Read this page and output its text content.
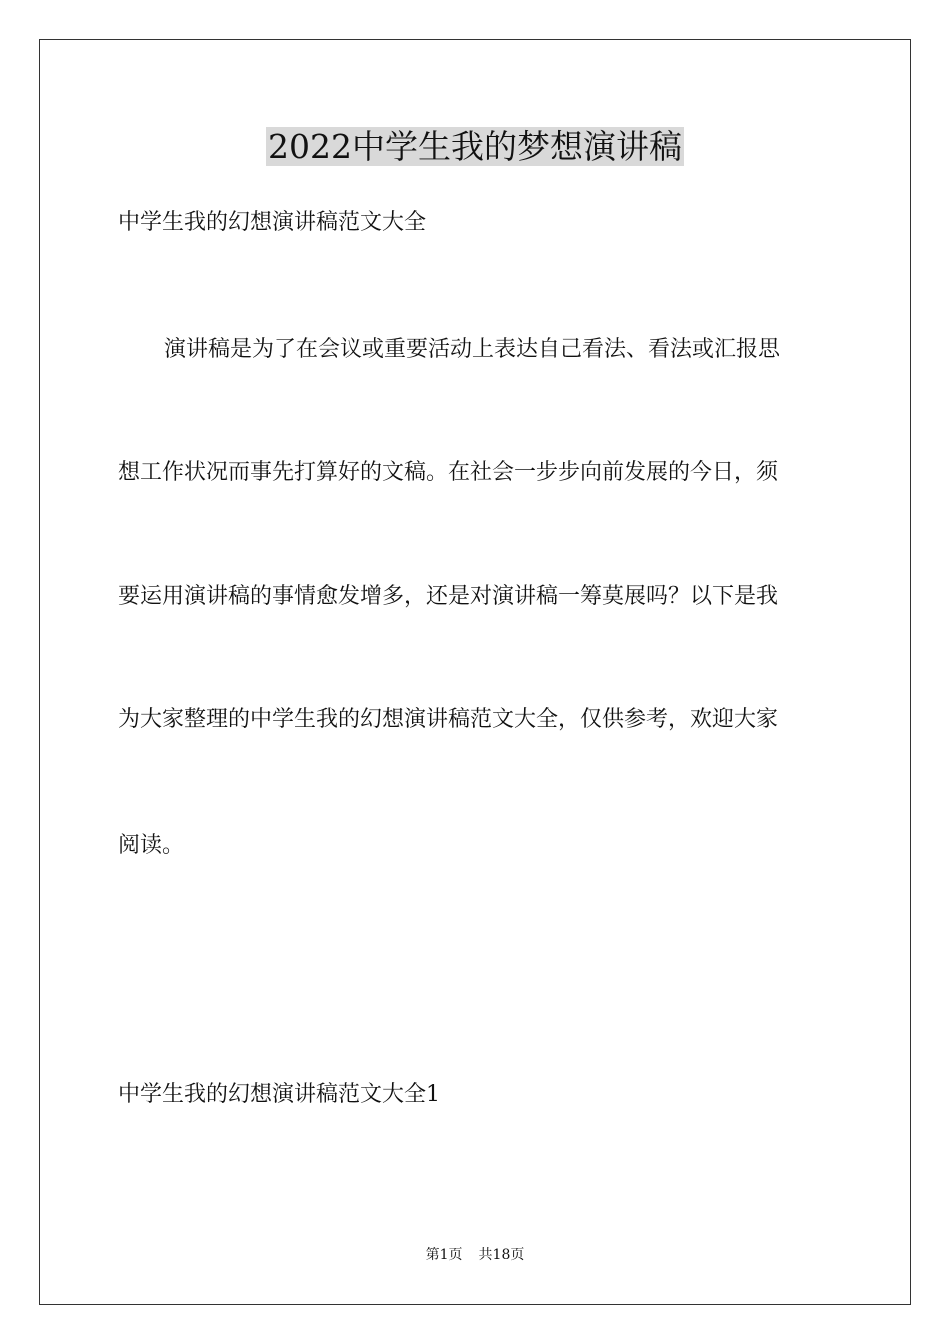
2022中学生我的梦想演讲稿
中学生我的幻想演讲稿范文大全
演讲稿是为了在会议或重要活动上表达自己看法、看法或汇报思
想工作状况而事先打算好的文稿。在社会一步步向前发展的今日，须
要运用演讲稿的事情愈发增多，还是对演讲稿一筹莫展吗？以下是我
为大家整理的中学生我的幻想演讲稿范文大全，仅供参考，欢迎大家
阅读。
中学生我的幻想演讲稿范文大全1
第1页 共18页
